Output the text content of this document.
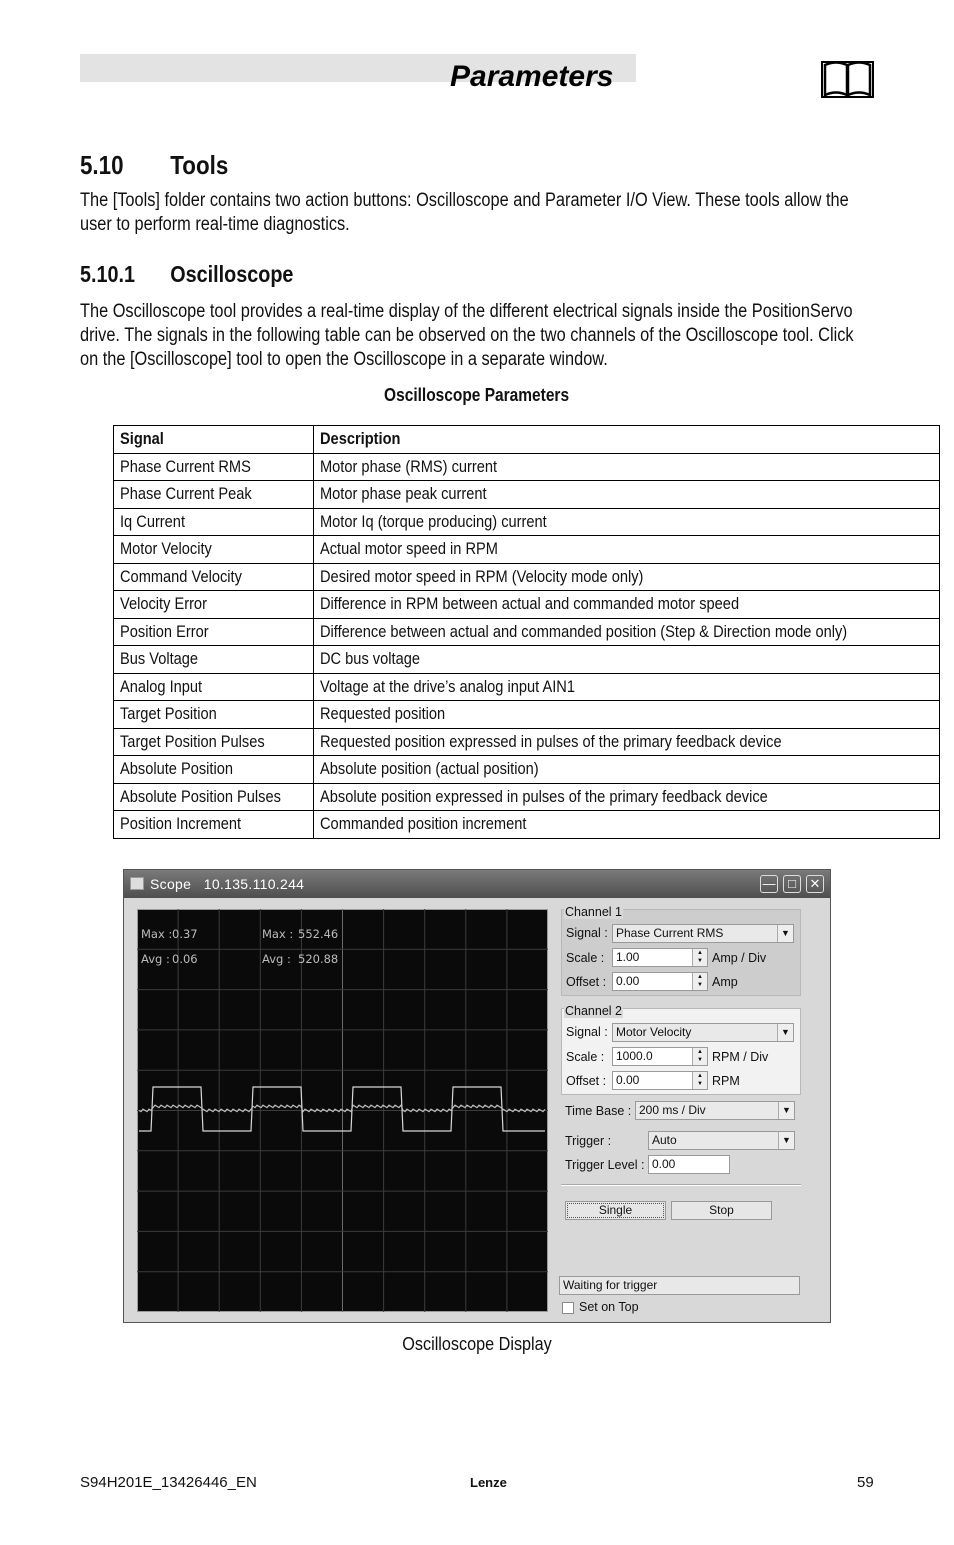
Parameters
5.10 Tools
The [Tools] folder contains two action buttons: Oscilloscope and Parameter I/O View. These tools allow the user to perform real-time diagnostics.
5.10.1 Oscilloscope
The Oscilloscope tool provides a real-time display of the different electrical signals inside the PositionServo drive. The signals in the following table can be observed on the two channels of the Oscilloscope tool. Click on the [Oscilloscope] tool to open the Oscilloscope in a separate window.
Oscilloscope Parameters
Signal	Description
Phase Current RMS	Motor phase (RMS) current
Phase Current Peak	Motor phase peak current
Iq Current	Motor Iq (torque producing) current
Motor Velocity	Actual motor speed in RPM
Command Velocity	Desired motor speed in RPM (Velocity mode only)
Velocity Error	Difference in RPM between actual and commanded motor speed
Position Error	Difference between actual and commanded position (Step & Direction mode only)
Bus Voltage	DC bus voltage
Analog Input	Voltage at the drive’s analog input AIN1
Target Position	Requested position
Target Position Pulses	Requested position expressed in pulses of the primary feedback device
Absolute Position	Absolute position (actual position)
Absolute Position Pulses	Absolute position expressed in pulses of the primary feedback device
Position Increment	Commanded position increment
Scope   10.135.110.244	— □	✕
Max : 0.37
Avg : 0.06
Max : 552.46
Avg : 520.88
Channel 1
Signal : Phase Current RMS	▼
Scale : 1.00	▲
▼ Amp / Div
Offset : 0.00	▲
▼ Amp
Channel 2
Signal : Motor Velocity	▼
Scale : 1000.0	▲
▼ RPM / Div
Offset : 0.00	▲
▼ RPM
Time Base : 200 ms / Div	▼
Trigger :	Auto	▼
Trigger Level : 0.00
Single	Stop
Waiting for trigger
Set on Top
Oscilloscope Display
S94H201E_13426446_EN	Lenze	59
